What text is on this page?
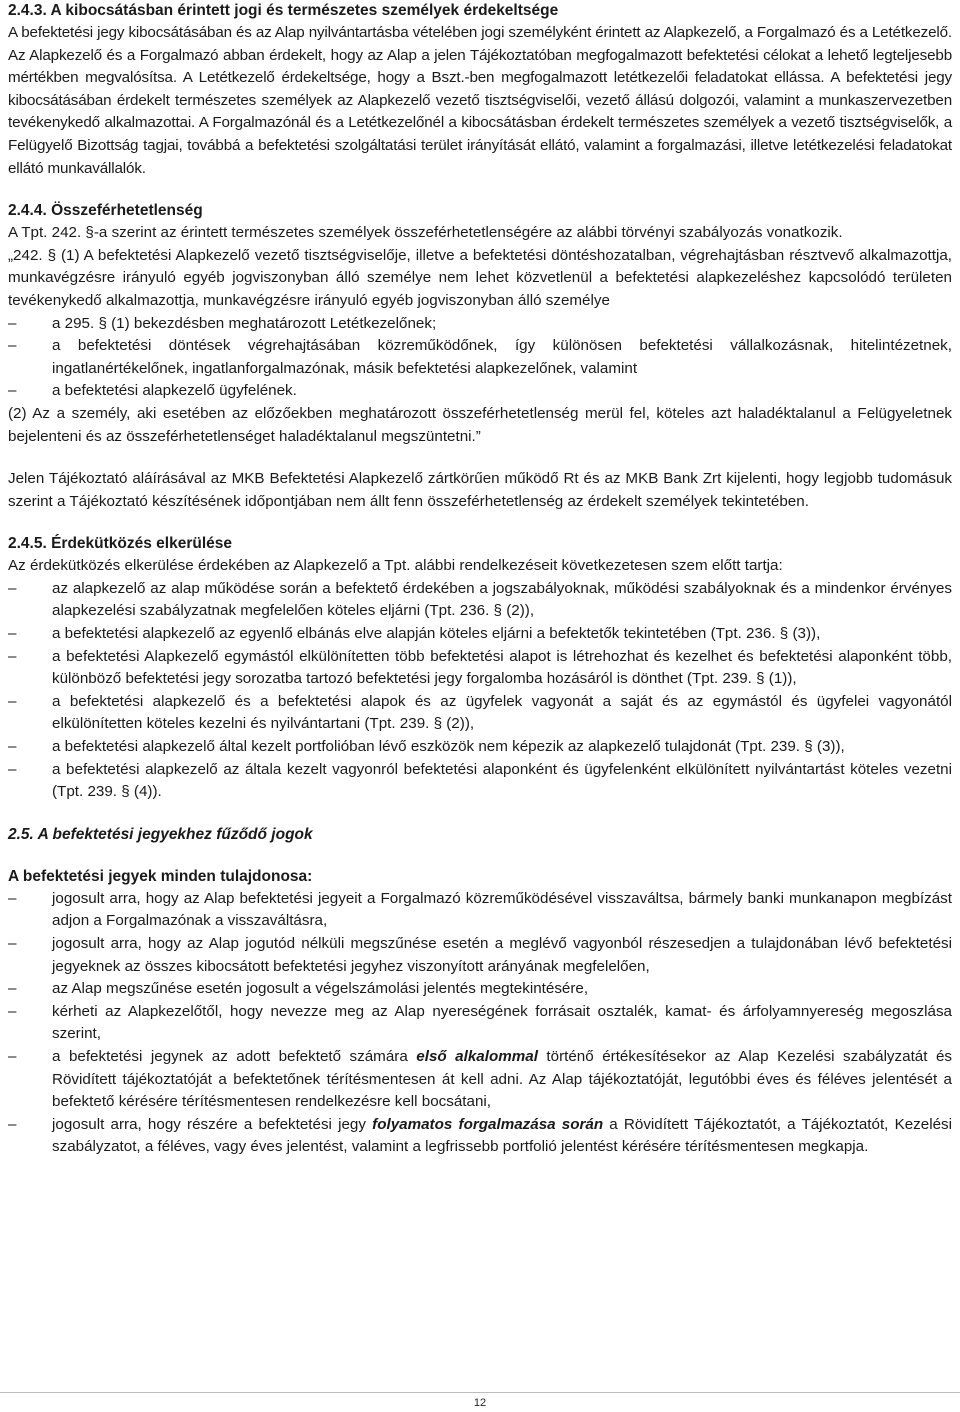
2.4.3. A kibocsátásban érintett jogi és természetes személyek érdekeltsége

A befektetési jegy kibocsátásában és az Alap nyilvántartásba vételében jogi személyként érintett az Alapkezelő, a Forgalmazó és a Letétkezelő. Az Alapkezelő és a Forgalmazó abban érdekelt, hogy az Alap a jelen Tájékoztatóban megfogalmazott befektetési célokat a lehető legteljesebb mértékben megvalósítsa. A Letétkezelő érdekeltsége, hogy a Bszt.-ben megfogalmazott letétkezelői feladatokat ellássa. A befektetési jegy kibocsátásában érdekelt természetes személyek az Alapkezelő vezető tisztségviselői, vezető állású dolgozói, valamint a munkaszervezetben tevékenykedő alkalmazottai. A Forgalmazónál és a Letétkezelőnél a kibocsátásban érdekelt természetes személyek a vezető tisztségviselők, a Felügyelő Bizottság tagjai, továbbá a befektetési szolgáltatási terület irányítását ellátó, valamint a forgalmazási, illetve letétkezelési feladatokat ellátó munkavállalók.

2.4.4. Összeférhetetlenség

A Tpt. 242. §-a szerint az érintett természetes személyek összeférhetetlenségére az alábbi törvényi szabályozás vonatkozik.

„242. § (1) A befektetési Alapkezelő vezető tisztségviselője, illetve a befektetési döntéshozatalban, végrehajtásban résztvevő alkalmazottja, munkavégzésre irányuló egyéb jogviszonyban álló személye nem lehet közvetlenül a befektetési alapkezeléshez kapcsolódó területen tevékenykedő alkalmazottja, munkavégzésre irányuló egyéb jogviszonyban álló személye

– a 295. § (1) bekezdésben meghatározott Letétkezelőnek;
– a befektetési döntések végrehajtásában közreműködőnek, így különösen befektetési vállalkozásnak, hitelintézetnek, ingatlanértékelőnek, ingatlanforgalmazónak, másik befektetési alapkezelőnek, valamint
– a befektetési alapkezelő ügyfelének.

(2) Az a személy, aki esetében az előzőekben meghatározott összeférhetetlenség merül fel, köteles azt haladéktalanul a Felügyeletnek bejelenteni és az összeférhetetlenséget haladéktalanul megszüntetni.”

Jelen Tájékoztató aláírásával az MKB Befektetési Alapkezelő zártkörűen működő Rt és az MKB Bank Zrt kijelenti, hogy legjobb tudomásuk szerint a Tájékoztató készítésének időpontjában nem állt fenn összeférhetetlenség az érdekelt személyek tekintetében.

2.4.5. Érdekütközés elkerülése

Az érdekütközés elkerülése érdekében az Alapkezelő a Tpt. alábbi rendelkezéseit következetesen szem előtt tartja:

– az alapkezelő az alap működése során a befektető érdekében a jogszabályoknak, működési szabályoknak és a mindenkor érvényes alapkezelési szabályzatnak megfelelően köteles eljárni (Tpt. 236. § (2)),
– a befektetési alapkezelő az egyenlő elbánás elve alapján köteles eljárni a befektetők tekintetében (Tpt. 236. § (3)),
– a befektetési Alapkezelő egymástól elkülönítetten több befektetési alapot is létrehozhat és kezelhet és befektetési alaponként több, különböző befektetési jegy sorozatba tartozó befektetési jegy forgalomba hozásáról is dönthet (Tpt. 239. § (1)),
– a befektetési alapkezelő és a befektetési alapok és az ügyfelek vagyonát a saját és az egymástól és ügyfelei vagyonától elkülönítetten köteles kezelni és nyilvántartani (Tpt. 239. § (2)),
– a befektetési alapkezelő által kezelt portfolióban lévő eszközök nem képezik az alapkezelő tulajdonát (Tpt. 239. § (3)),
– a befektetési alapkezelő az általa kezelt vagyonról befektetési alaponként és ügyfelenként elkülönített nyilvántartást köteles vezetni (Tpt. 239. § (4)).
2.5. A befektetési jegyekhez fűződő jogok
A befektetési jegyek minden tulajdonosa:
– jogosult arra, hogy az Alap befektetési jegyeit a Forgalmazó közreműködésével visszaváltsa, bármely banki munkanapon megbízást adjon a Forgalmazónak a visszaváltásra,
– jogosult arra, hogy az Alap jogutód nélküli megszűnése esetén a meglévő vagyonból részesedjen a tulajdonában lévő befektetési jegyeknek az összes kibocsátott befektetési jegyhez viszonyított arányának megfelelően,
– az Alap megszűnése esetén jogosult a végelszámolási jelentés megtekintésére,
– kérheti az Alapkezelőtől, hogy nevezze meg az Alap nyereségének forrásait osztalék, kamat- és árfolyamnyereség megoszlása szerint,
– a befektetési jegynek az adott befektető számára első alkalommal történő értékesítésekor az Alap Kezelési szabályzatát és Rövidített tájékoztatóját a befektetőnek térítésmentesen át kell adni. Az Alap tájékoztatóját, legutóbbi éves és féléves jelentését a befektető kérésére térítésmentesen rendelkezésre kell bocsátani,
– jogosult arra, hogy részére a befektetési jegy folyamatos forgalmazása során a Rövidített Tájékoztatót, a Tájékoztatót, Kezelési szabályzatot, a féléves, vagy éves jelentést, valamint a legfrissebb portfolió jelentést kérésére térítésmentesen megkapja.
12
